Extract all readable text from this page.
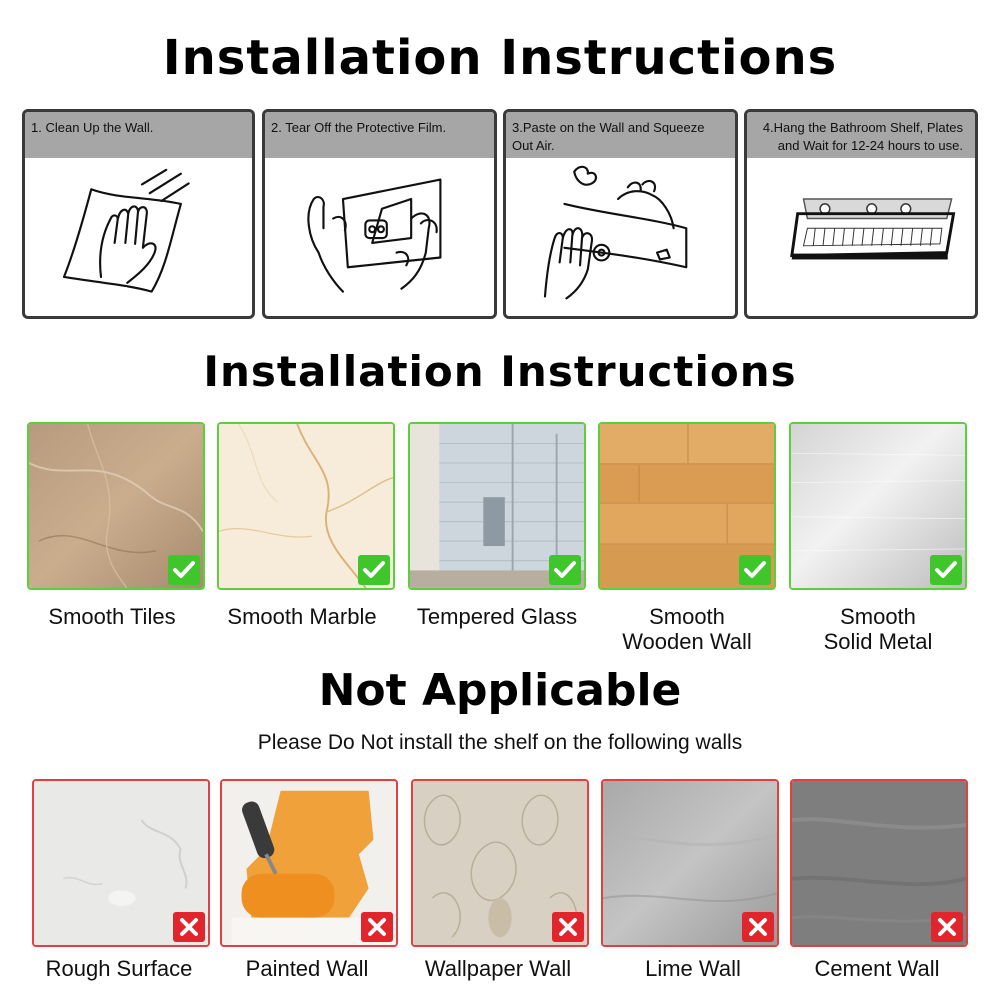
Installation Instructions
1. Clean Up the Wall.	2. Tear Off the Protective Film.	3.Paste on the Wall and Squeeze Out Air.
4.Hang the Bathroom Shelf, Plates and Wait for 12-24 hours to use.
Installation Instructions
Smooth Tiles	Smooth Marble	Tempered Glass	Smooth
Wooden Wall
Smooth
Solid Metal
Not Applicable
Please Do Not install the shelf on the following walls
Rough Surface	Painted Wall	Wallpaper Wall	Lime Wall	Cement Wall
